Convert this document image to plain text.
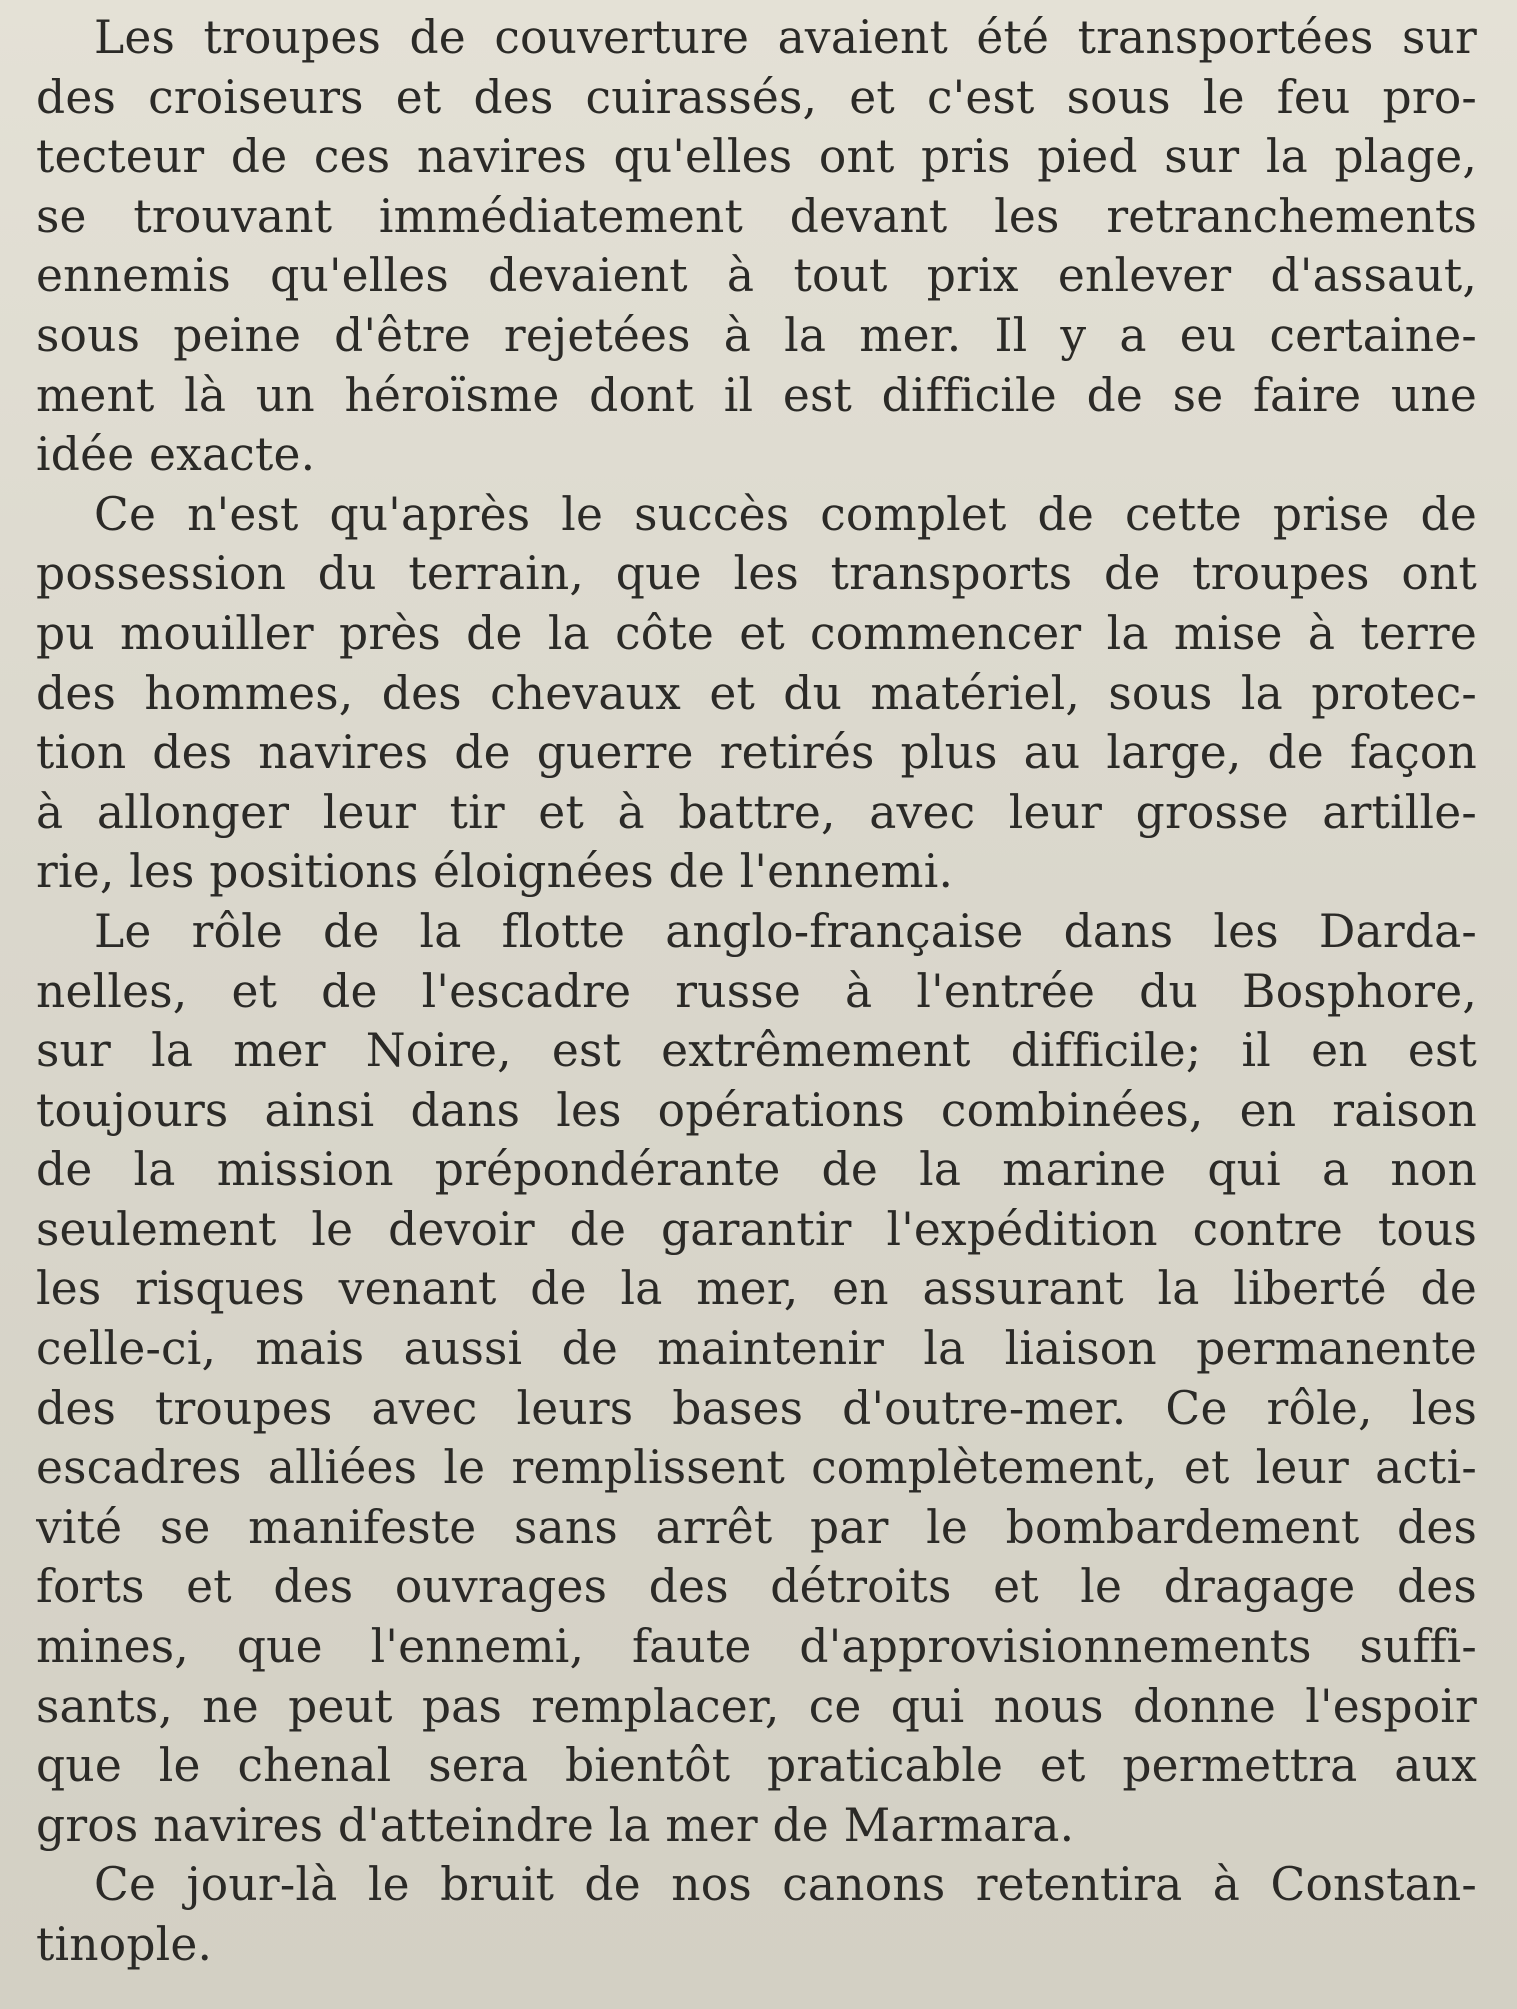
Les troupes de couverture avaient été transportées sur
des croiseurs et des cuirassés, et c'est sous le feu pro-
tecteur de ces navires qu'elles ont pris pied sur la plage,
se trouvant immédiatement devant les retranchements
ennemis qu'elles devaient à tout prix enlever d'assaut,
sous peine d'être rejetées à la mer. Il y a eu certaine-
ment là un héroïsme dont il est difficile de se faire une
idée exacte.
Ce n'est qu'après le succès complet de cette prise de
possession du terrain, que les transports de troupes ont
pu mouiller près de la côte et commencer la mise à terre
des hommes, des chevaux et du matériel, sous la protec-
tion des navires de guerre retirés plus au large, de façon
à allonger leur tir et à battre, avec leur grosse artille-
rie, les positions éloignées de l'ennemi.
Le rôle de la flotte anglo-française dans les Darda-
nelles, et de l'escadre russe à l'entrée du Bosphore,
sur la mer Noire, est extrêmement difficile; il en est
toujours ainsi dans les opérations combinées, en raison
de la mission prépondérante de la marine qui a non
seulement le devoir de garantir l'expédition contre tous
les risques venant de la mer, en assurant la liberté de
celle-ci, mais aussi de maintenir la liaison permanente
des troupes avec leurs bases d'outre-mer. Ce rôle, les
escadres alliées le remplissent complètement, et leur acti-
vité se manifeste sans arrêt par le bombardement des
forts et des ouvrages des détroits et le dragage des
mines, que l'ennemi, faute d'approvisionnements suffi-
sants, ne peut pas remplacer, ce qui nous donne l'espoir
que le chenal sera bientôt praticable et permettra aux
gros navires d'atteindre la mer de Marmara.
Ce jour-là le bruit de nos canons retentira à Constan-
tinople.
